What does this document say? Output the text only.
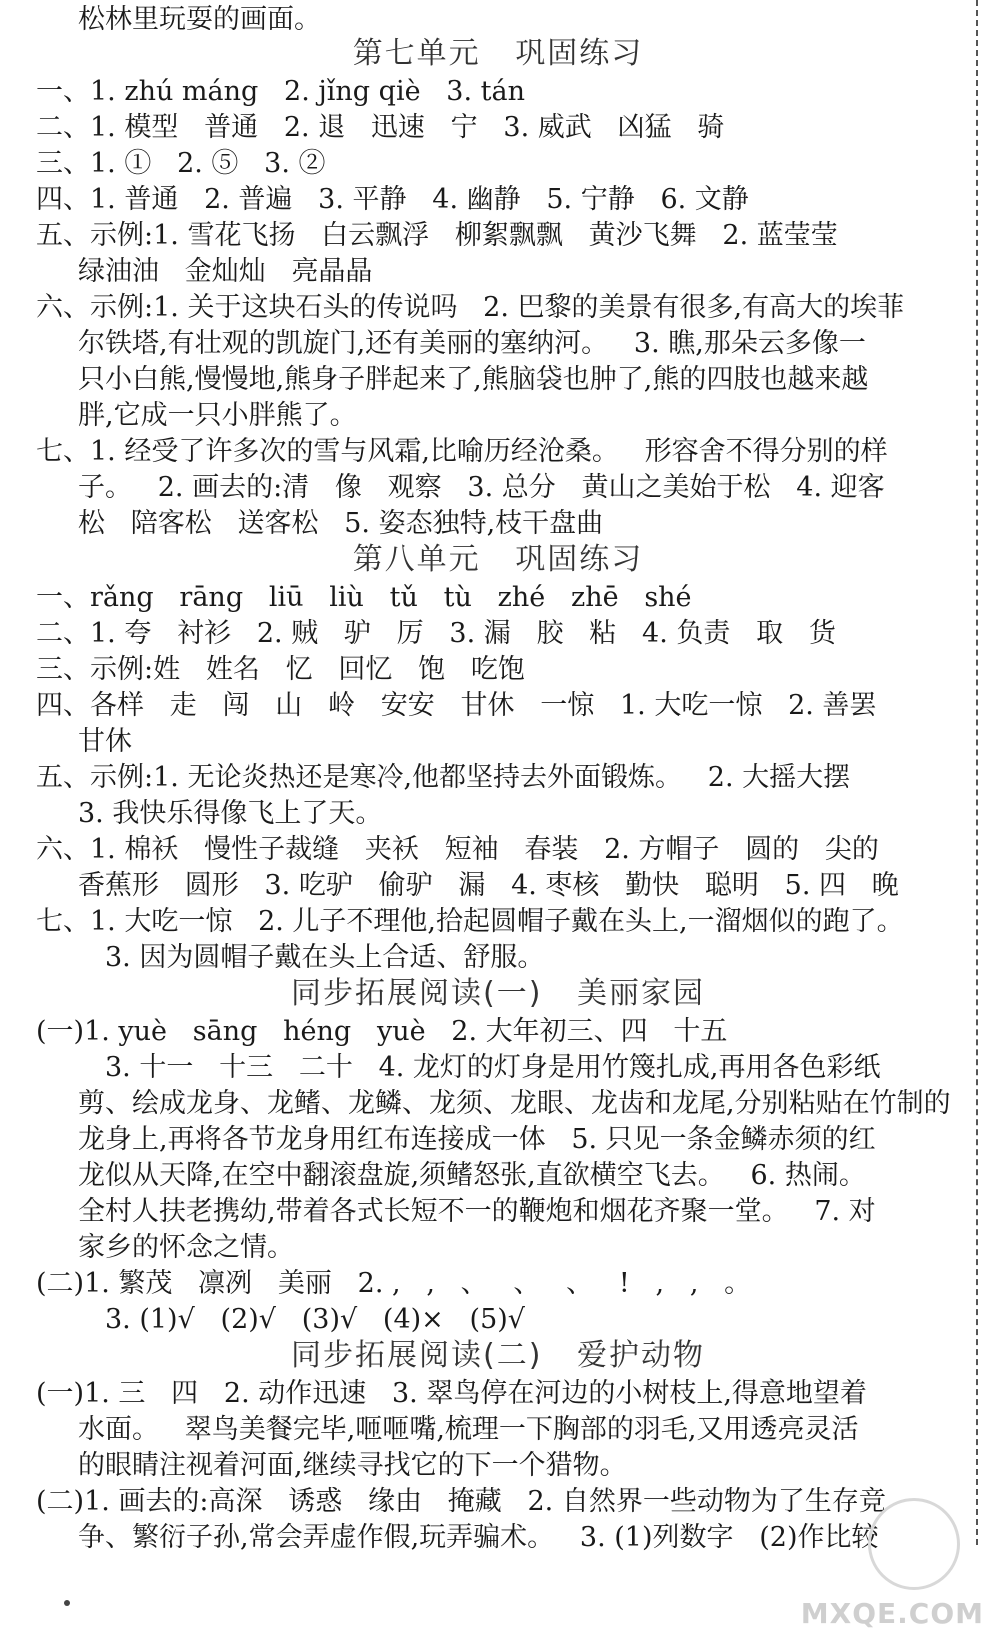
松林里玩耍的画面。
第七单元   巩固练习
一、1. zhú máng   2. jǐng qiè   3. tán
二、1. 模型   普通   2. 退   迅速   宁   3. 威武   凶猛   骑
三、1. ①   2. ⑤   3. ②
四、1. 普通   2. 普遍   3. 平静   4. 幽静   5. 宁静   6. 文静
五、示例:1. 雪花飞扬   白云飘浮   柳絮飘飘   黄沙飞舞   2. 蓝莹莹
绿油油   金灿灿   亮晶晶
六、示例:1. 关于这块石头的传说吗   2. 巴黎的美景有很多,有高大的埃菲
尔铁塔,有壮观的凯旋门,还有美丽的塞纳河。   3. 瞧,那朵云多像一
只小白熊,慢慢地,熊身子胖起来了,熊脑袋也肿了,熊的四肢也越来越
胖,它成一只小胖熊了。
七、1. 经受了许多次的雪与风霜,比喻历经沧桑。   形容舍不得分别的样
子。   2. 画去的:清   像   观察   3. 总分   黄山之美始于松   4. 迎客
松   陪客松   送客松   5. 姿态独特,枝干盘曲
第八单元   巩固练习
一、rǎng   rāng   liū   liù   tǔ   tù   zhé   zhē   shé
二、1. 夸   衬衫   2. 贼   驴   厉   3. 漏   胶   粘   4. 负责   取   货
三、示例:姓   姓名   忆   回忆   饱   吃饱
四、各样   走   闯   山   岭   安安   甘休   一惊   1. 大吃一惊   2. 善罢
甘休
五、示例:1. 无论炎热还是寒冷,他都坚持去外面锻炼。   2. 大摇大摆
3. 我快乐得像飞上了天。
六、1. 棉袄   慢性子裁缝   夹袄   短袖   春装   2. 方帽子   圆的   尖的
香蕉形   圆形   3. 吃驴   偷驴   漏   4. 枣核   勤快   聪明   5. 四   晚
七、1. 大吃一惊   2. 儿子不理他,拾起圆帽子戴在头上,一溜烟似的跑了。
3. 因为圆帽子戴在头上合适、舒服。
同步拓展阅读(一)   美丽家园
(一)1. yuè   sāng   héng   yuè   2. 大年初三、四   十五
3. 十一   十三   二十   4. 龙灯的灯身是用竹篾扎成,再用各色彩纸
剪、绘成龙身、龙鳍、龙鳞、龙须、龙眼、龙齿和龙尾,分别粘贴在竹制的
龙身上,再将各节龙身用红布连接成一体   5. 只见一条金鳞赤须的红
龙似从天降,在空中翻滚盘旋,须鳍怒张,直欲横空飞去。   6. 热闹。
全村人扶老携幼,带着各式长短不一的鞭炮和烟花齐聚一堂。   7. 对
家乡的怀念之情。
(二)1. 繁茂   凛冽   美丽   2. ,   ,   、   、   、   !   ,   ,   。
3. (1)√   (2)√   (3)√   (4)×   (5)√
同步拓展阅读(二)   爱护动物
(一)1. 三   四   2. 动作迅速   3. 翠鸟停在河边的小树枝上,得意地望着
水面。   翠鸟美餐完毕,咂咂嘴,梳理一下胸部的羽毛,又用透亮灵活
的眼睛注视着河面,继续寻找它的下一个猎物。
(二)1. 画去的:高深   诱惑   缘由   掩藏   2. 自然界一些动物为了生存竞
争、繁衍子孙,常会弄虚作假,玩弄骗术。   3. (1)列数字   (2)作比较
MXQE.COM
